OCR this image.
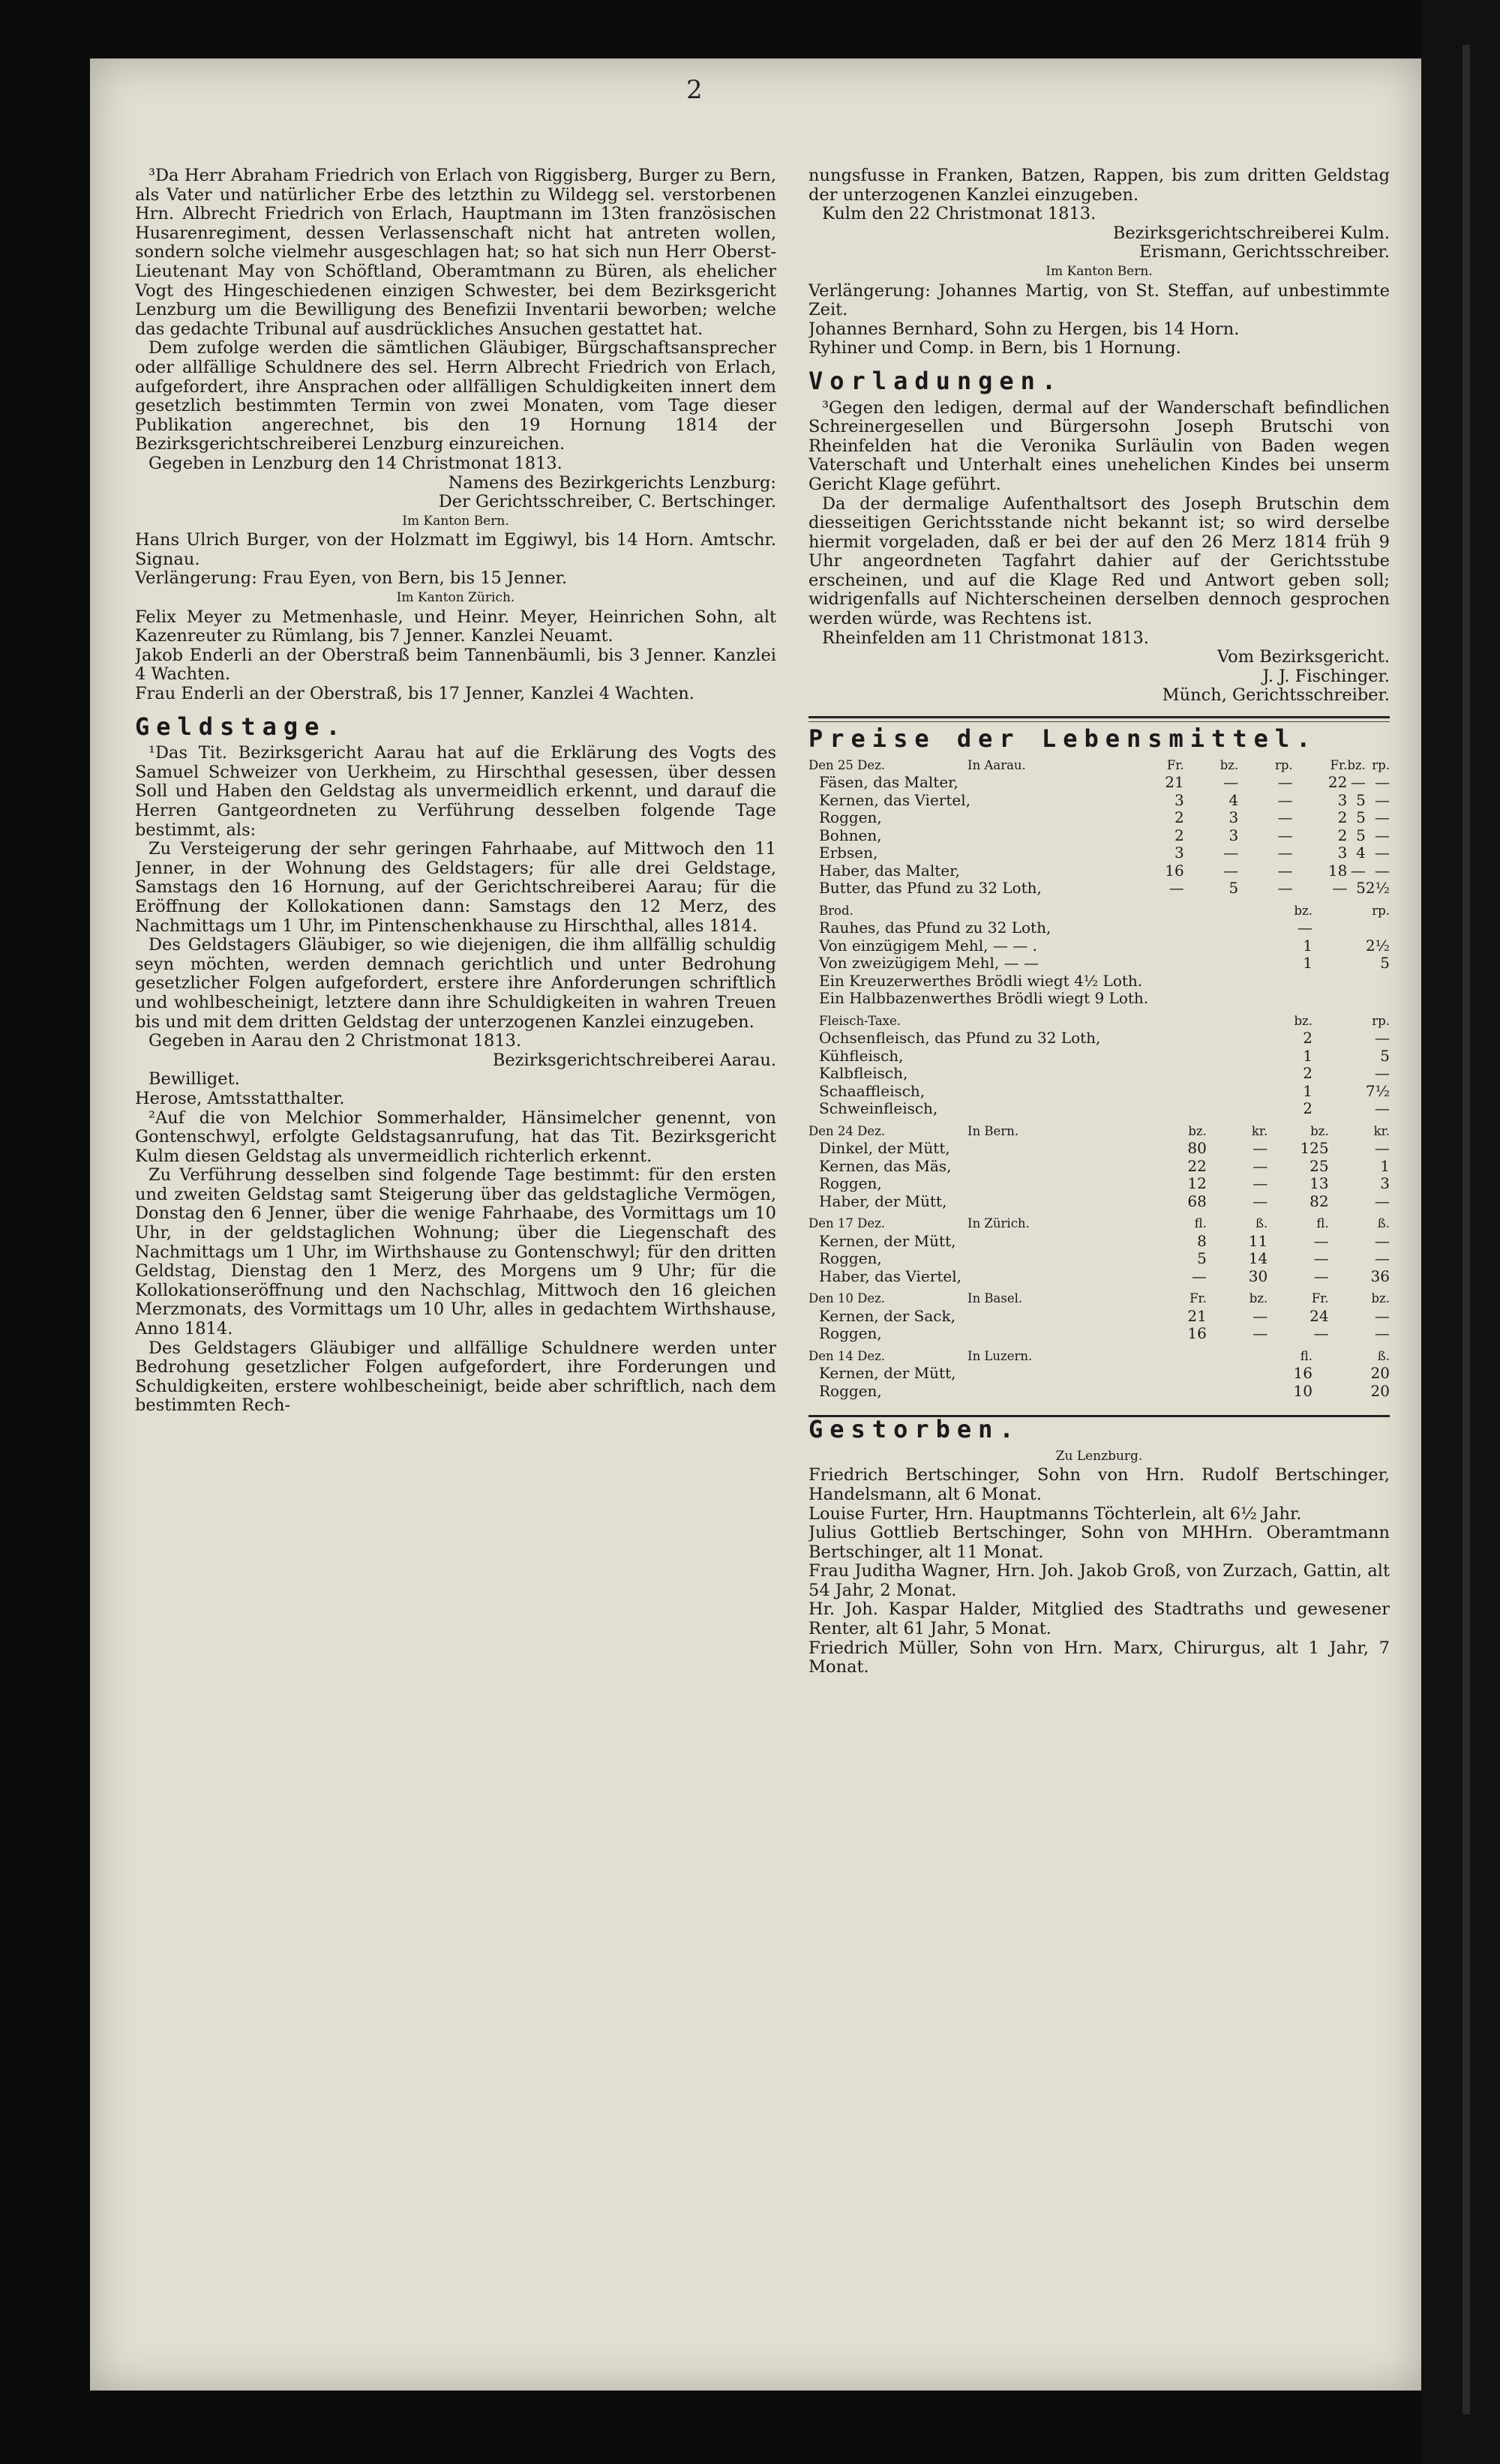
2

³Da Herr Abraham Friedrich von Erlach von Riggisberg, Burger zu Bern, als Vater und natürlicher Erbe des letzthin zu Wildegg sel. verstorbenen Hrn. Albrecht Friedrich von Erlach, Hauptmann im 13ten französischen Husarenregiment, dessen Verlassenschaft nicht hat antreten wollen, sondern solche vielmehr ausgeschlagen hat; so hat sich nun Herr Oberst-Lieutenant May von Schöftland, Oberamtmann zu Büren, als ehelicher Vogt des Hingeschiedenen einzigen Schwester, bei dem Bezirksgericht Lenzburg um die Bewilligung des Benefizii Inventarii beworben; welche das gedachte Tribunal auf ausdrückliches Ansuchen gestattet hat.

Dem zufolge werden die sämtlichen Gläubiger, Bürgschaftsansprecher oder allfällige Schuldnere des sel. Herrn Albrecht Friedrich von Erlach, aufgefordert, ihre Ansprachen oder allfälligen Schuldigkeiten innert dem gesetzlich bestimmten Termin von zwei Monaten, vom Tage dieser Publikation angerechnet, bis den 19 Hornung 1814 der Bezirksgerichtschreiberei Lenzburg einzureichen.

Gegeben in Lenzburg den 14 Christmonat 1813.

Namens des Bezirkgerichts Lenzburg:

Der Gerichtsschreiber, C. Bertschinger.

Im Kanton Bern.

Hans Ulrich Burger, von der Holzmatt im Eggiwyl, bis 14 Horn. Amtschr. Signau.

Verlängerung: Frau Eyen, von Bern, bis 15 Jenner.

Im Kanton Zürich.

Felix Meyer zu Metmenhasle, und Heinr. Meyer, Heinrichen Sohn, alt Kazenreuter zu Rümlang, bis 7 Jenner. Kanzlei Neuamt.

Jakob Enderli an der Oberstraß beim Tannenbäumli, bis 3 Jenner. Kanzlei 4 Wachten.

Frau Enderli an der Oberstraß, bis 17 Jenner, Kanzlei 4 Wachten.

Geldstage.

¹Das Tit. Bezirksgericht Aarau hat auf die Erklärung des Vogts des Samuel Schweizer von Uerkheim, zu Hirschthal gesessen, über dessen Soll und Haben den Geldstag als unvermeidlich erkennt, und darauf die Herren Gantgeordneten zu Verführung desselben folgende Tage bestimmt, als:

Zu Versteigerung der sehr geringen Fahrhaabe, auf Mittwoch den 11 Jenner, in der Wohnung des Geldstagers; für alle drei Geldstage, Samstags den 16 Hornung, auf der Gerichtschreiberei Aarau; für die Eröffnung der Kollokationen dann: Samstags den 12 Merz, des Nachmittags um 1 Uhr, im Pintenschenkhause zu Hirschthal, alles 1814.

Des Geldstagers Gläubiger, so wie diejenigen, die ihm allfällig schuldig seyn möchten, werden demnach gerichtlich und unter Bedrohung gesetzlicher Folgen aufgefordert, erstere ihre Anforderungen schriftlich und wohlbescheinigt, letztere dann ihre Schuldigkeiten in wahren Treuen bis und mit dem dritten Geldstag der unterzogenen Kanzlei einzugeben.

Gegeben in Aarau den 2 Christmonat 1813.

Bezirksgerichtschreiberei Aarau.

Bewilliget.

Herose, Amtsstatthalter.

²Auf die von Melchior Sommerhalder, Hänsimelcher genennt, von Gontenschwyl, erfolgte Geldstagsanrufung, hat das Tit. Bezirksgericht Kulm diesen Geldstag als unvermeidlich richterlich erkennt.

Zu Verführung desselben sind folgende Tage bestimmt: für den ersten und zweiten Geldstag samt Steigerung über das geldstagliche Vermögen, Donstag den 6 Jenner, über die wenige Fahrhaabe, des Vormittags um 10 Uhr, in der geldstaglichen Wohnung; über die Liegenschaft des Nachmittags um 1 Uhr, im Wirthshause zu Gontenschwyl; für den dritten Geldstag, Dienstag den 1 Merz, des Morgens um 9 Uhr; für die Kollokationseröffnung und den Nachschlag, Mittwoch den 16 gleichen Merzmonats, des Vormittags um 10 Uhr, alles in gedachtem Wirthshause, Anno 1814.

Des Geldstagers Gläubiger und allfällige Schuldnere werden unter Bedrohung gesetzlicher Folgen aufgefordert, ihre Forderungen und Schuldigkeiten, erstere wohlbescheinigt, beide aber schriftlich, nach dem bestimmten Rech-

nungsfusse in Franken, Batzen, Rappen, bis zum dritten Geldstag der unterzogenen Kanzlei einzugeben.

Kulm den 22 Christmonat 1813.

Bezirksgerichtschreiberei Kulm.

Erismann, Gerichtsschreiber.

Im Kanton Bern.

Verlängerung: Johannes Martig, von St. Steffan, auf unbestimmte Zeit.

Johannes Bernhard, Sohn zu Hergen, bis 14 Horn.

Ryhiner und Comp. in Bern, bis 1 Hornung.

Vorladungen.

³Gegen den ledigen, dermal auf der Wanderschaft befindlichen Schreinergesellen und Bürgersohn Joseph Brutschi von Rheinfelden hat die Veronika Surläulin von Baden wegen Vaterschaft und Unterhalt eines unehelichen Kindes bei unserm Gericht Klage geführt.

Da der dermalige Aufenthaltsort des Joseph Brutschin dem diesseitigen Gerichtsstande nicht bekannt ist; so wird derselbe hiermit vorgeladen, daß er bei der auf den 26 Merz 1814 früh 9 Uhr angeordneten Tagfahrt dahier auf der Gerichtsstube erscheinen, und auf die Klage Red und Antwort geben soll; widrigenfalls auf Nichterscheinen derselben dennoch gesprochen werden würde, was Rechtens ist.

Rheinfelden am 11 Christmonat 1813.

Vom Bezirksgericht.

J. J. Fischinger.

Münch, Gerichtsschreiber.

Preise der Lebensmittel.

Den 25 Dez. In Aarau.	Fr.	bz.	rp.	Fr.	bz.	rp.
Fäsen, das Malter,	21	—	—	22	—	—
Kernen, das Viertel,	3	4	—	3	5	—
Roggen,	2	3	—	2	5	—
Bohnen,	2	3	—	2	5	—
Erbsen,	3	—	—	3	4	—
Haber, das Malter,	16	—	—	18	—	—
Butter, das Pfund zu 32 Loth,	—	5	—	—	5	2½
Brod.	bz.	rp.
Rauhes, das Pfund zu 32 Loth,	—	
Von einzügigem Mehl, — — .	1	2½
Von zweizügigem Mehl, — —	1	5

Ein Kreuzerwerthes Brödli wiegt 4½ Loth.

Ein Halbbazenwerthes Brödli wiegt 9 Loth.

Fleisch-Taxe.	bz.	rp.
Ochsenfleisch, das Pfund zu 32 Loth,	2	—
Kühfleisch,	1	5
Kalbfleisch,	2	—
Schaaffleisch,	1	7½
Schweinfleisch,	2	—
Den 24 Dez. In Bern.	bz.	kr.	bz.	kr.
Dinkel, der Mütt,	80	—	125	—
Kernen, das Mäs,	22	—	25	1
Roggen,	12	—	13	3
Haber, der Mütt,	68	—	82	—
Den 17 Dez. In Zürich.	fl.	ß.	fl.	ß.
Kernen, der Mütt,	8	11	—	—
Roggen,	5	14	—	—
Haber, das Viertel,	—	30	—	36
Den 10 Dez. In Basel.	Fr.	bz.	Fr.	bz.
Kernen, der Sack,	21	—	24	—
Roggen,	16	—	—	—
Den 14 Dez. In Luzern.	fl.	ß.
Kernen, der Mütt,	16	20
Roggen,	10	20

Gestorben.

Zu Lenzburg.

Friedrich Bertschinger, Sohn von Hrn. Rudolf Bertschinger, Handelsmann, alt 6 Monat.

Louise Furter, Hrn. Hauptmanns Töchterlein, alt 6½ Jahr.

Julius Gottlieb Bertschinger, Sohn von MHHrn. Oberamtmann Bertschinger, alt 11 Monat.

Frau Juditha Wagner, Hrn. Joh. Jakob Groß, von Zurzach, Gattin, alt 54 Jahr, 2 Monat.

Hr. Joh. Kaspar Halder, Mitglied des Stadtraths und gewesener Renter, alt 61 Jahr, 5 Monat.

Friedrich Müller, Sohn von Hrn. Marx, Chirurgus, alt 1 Jahr, 7 Monat.
